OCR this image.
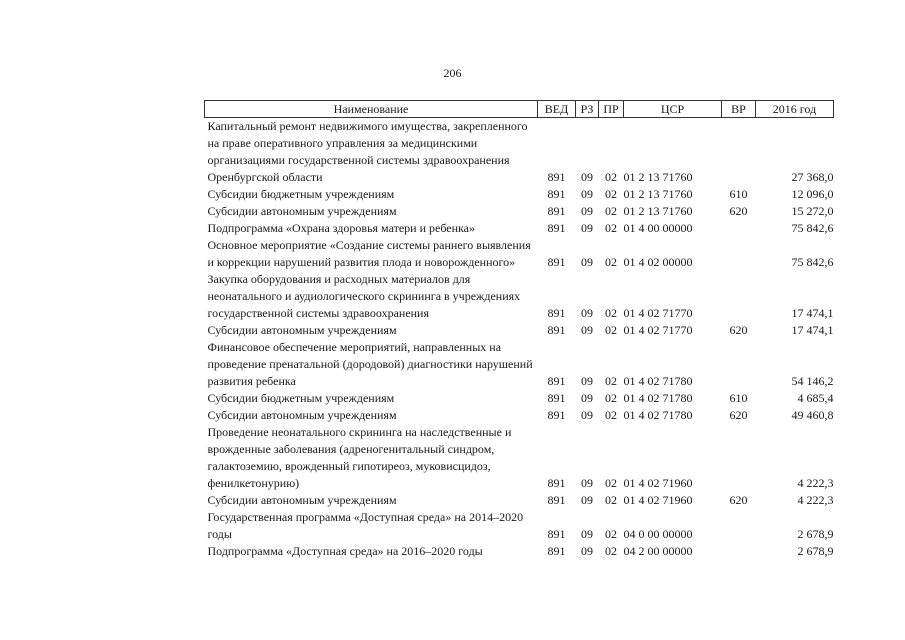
206
Наименование	ВЕД	РЗ	ПР	ЦСР	ВР	2016 год
Капитальный ремонт недвижимого имущества, закрепленного на праве оперативного управления за медицинскими организациями государственной системы здравоохранения Оренбургской области	891	09	02	01 2 13 71760		27 368,0
Субсидии бюджетным учреждениям	891	09	02	01 2 13 71760	610	12 096,0
Субсидии автономным учреждениям	891	09	02	01 2 13 71760	620	15 272,0
Подпрограмма «Охрана здоровья матери и ребенка»	891	09	02	01 4 00 00000		75 842,6
Основное мероприятие «Создание системы раннего выявления и коррекции нарушений развития плода и новорожденного»	891	09	02	01 4 02 00000		75 842,6
Закупка оборудования и расходных материалов для неонатального и аудиологического скрининга в учреждениях государственной системы здравоохранения	891	09	02	01 4 02 71770		17 474,1
Субсидии автономным учреждениям	891	09	02	01 4 02 71770	620	17 474,1
Финансовое обеспечение мероприятий, направленных на проведение пренатальной (дородовой) диагностики нарушений развития ребенка	891	09	02	01 4 02 71780		54 146,2
Субсидии бюджетным учреждениям	891	09	02	01 4 02 71780	610	4 685,4
Субсидии автономным учреждениям	891	09	02	01 4 02 71780	620	49 460,8
Проведение неонатального скрининга на наследственные и врожденные заболевания (адреногенитальный синдром, галактоземию, врожденный гипотиреоз, муковисцидоз, фенилкетонурию)	891	09	02	01 4 02 71960		4 222,3
Субсидии автономным учреждениям	891	09	02	01 4 02 71960	620	4 222,3
Государственная программа «Доступная среда» на 2014–2020 годы	891	09	02	04 0 00 00000		2 678,9
Подпрограмма «Доступная среда» на 2016–2020 годы	891	09	02	04 2 00 00000		2 678,9
